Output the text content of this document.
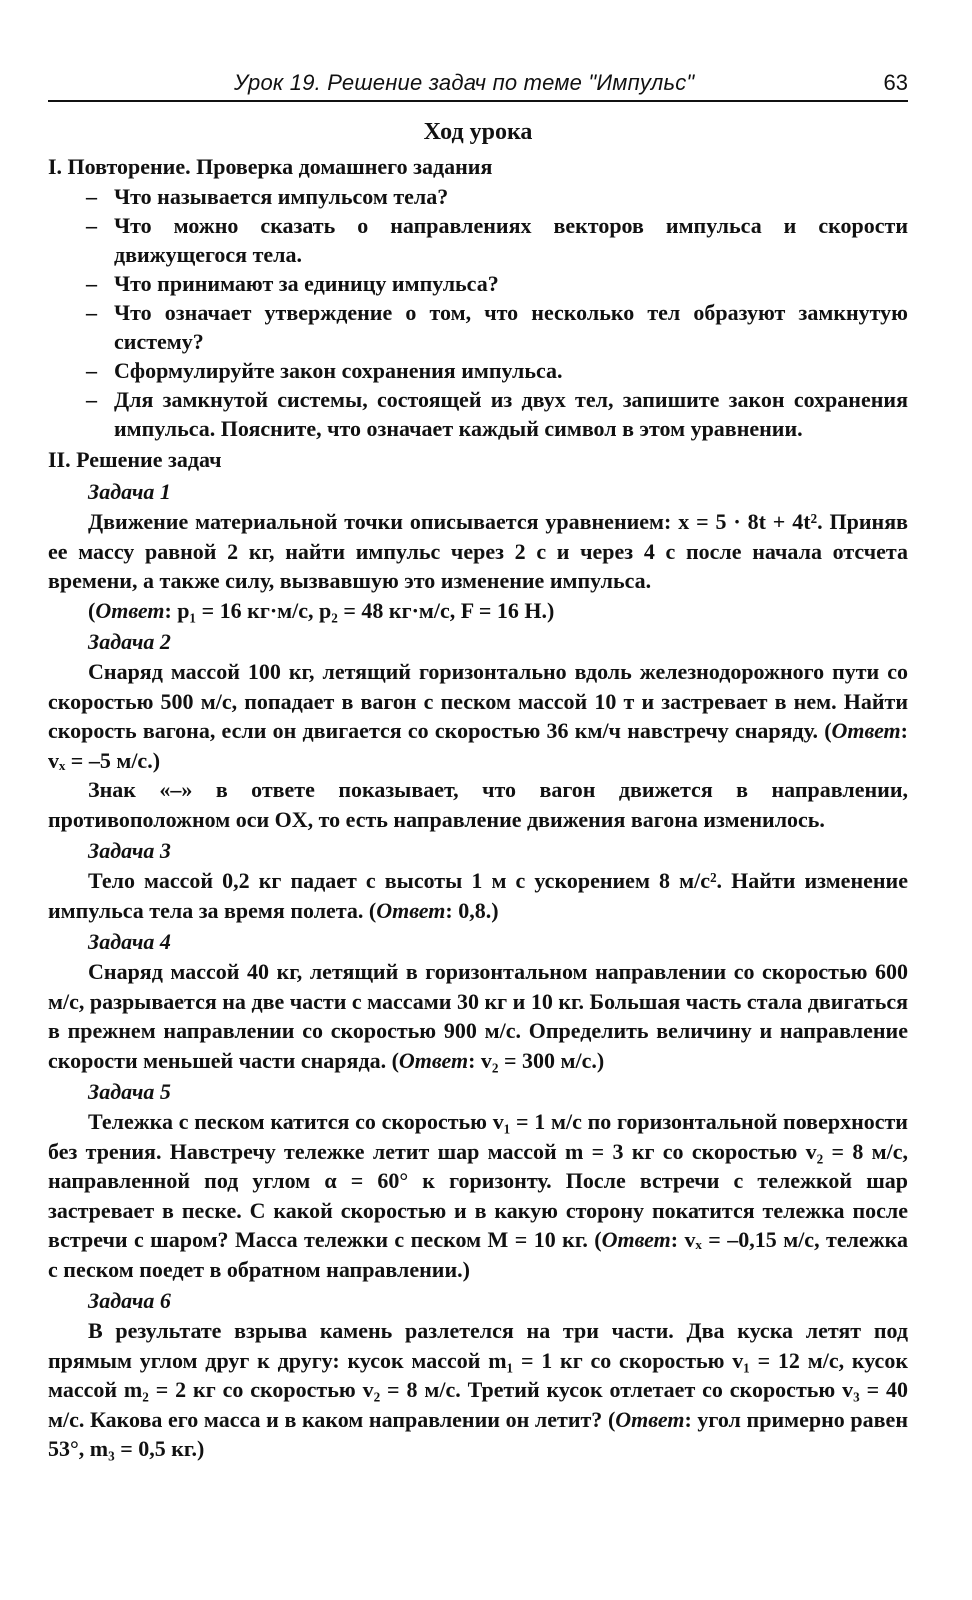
Урок 19. Решение задач по теме "Импульс"	63
Ход урока
I. Повторение. Проверка домашнего задания
– Что называется импульсом тела?
– Что можно сказать о направлениях векторов импульса и скорости движущегося тела.
– Что принимают за единицу импульса?
– Что означает утверждение о том, что несколько тел образуют замкнутую систему?
– Сформулируйте закон сохранения импульса.
– Для замкнутой системы, состоящей из двух тел, запишите закон сохранения импульса. Поясните, что означает каждый символ в этом уравнении.
II. Решение задач
Задача 1

Движение материальной точки описывается уравнением: x = 5 · 8t + 4t². Приняв ее массу равной 2 кг, найти импульс через 2 с и через 4 с после начала отсчета времени, а также силу, вызвавшую это изменение импульса.

(Ответ: p₁ = 16 кг·м/с, p₂ = 48 кг·м/с, F = 16 Н.)

Задача 2

Снаряд массой 100 кг, летящий горизонтально вдоль железнодорожного пути со скоростью 500 м/с, попадает в вагон с песком массой 10 т и застревает в нем. Найти скорость вагона, если он двигается со скоростью 36 км/ч навстречу снаряду. (Ответ: vₓ = –5 м/с.)

Знак «–» в ответе показывает, что вагон движется в направлении, противоположном оси OX, то есть направление движения вагона изменилось.

Задача 3

Тело массой 0,2 кг падает с высоты 1 м с ускорением 8 м/с². Найти изменение импульса тела за время полета. (Ответ: 0,8.)

Задача 4

Снаряд массой 40 кг, летящий в горизонтальном направлении со скоростью 600 м/с, разрывается на две части с массами 30 кг и 10 кг. Большая часть стала двигаться в прежнем направлении со скоростью 900 м/с. Определить величину и направление скорости меньшей части снаряда. (Ответ: v₂ = 300 м/с.)

Задача 5

Тележка с песком катится со скоростью v₁ = 1 м/с по горизонтальной поверхности без трения. Навстречу тележке летит шар массой m = 3 кг со скоростью v₂ = 8 м/с, направленной под углом α = 60° к горизонту. После встречи с тележкой шар застревает в песке. С какой скоростью и в какую сторону покатится тележка после встречи с шаром? Масса тележки с песком M = 10 кг. (Ответ: vₓ = –0,15 м/с, тележка с песком поедет в обратном направлении.)

Задача 6

В результате взрыва камень разлетелся на три части. Два куска летят под прямым углом друг к другу: кусок массой m₁ = 1 кг со скоростью v₁ = 12 м/с, кусок массой m₂ = 2 кг со скоростью v₂ = 8 м/с. Третий кусок отлетает со скоростью v₃ = 40 м/с. Какова его масса и в каком направлении он летит? (Ответ: угол примерно равен 53°, m₃ = 0,5 кг.)
